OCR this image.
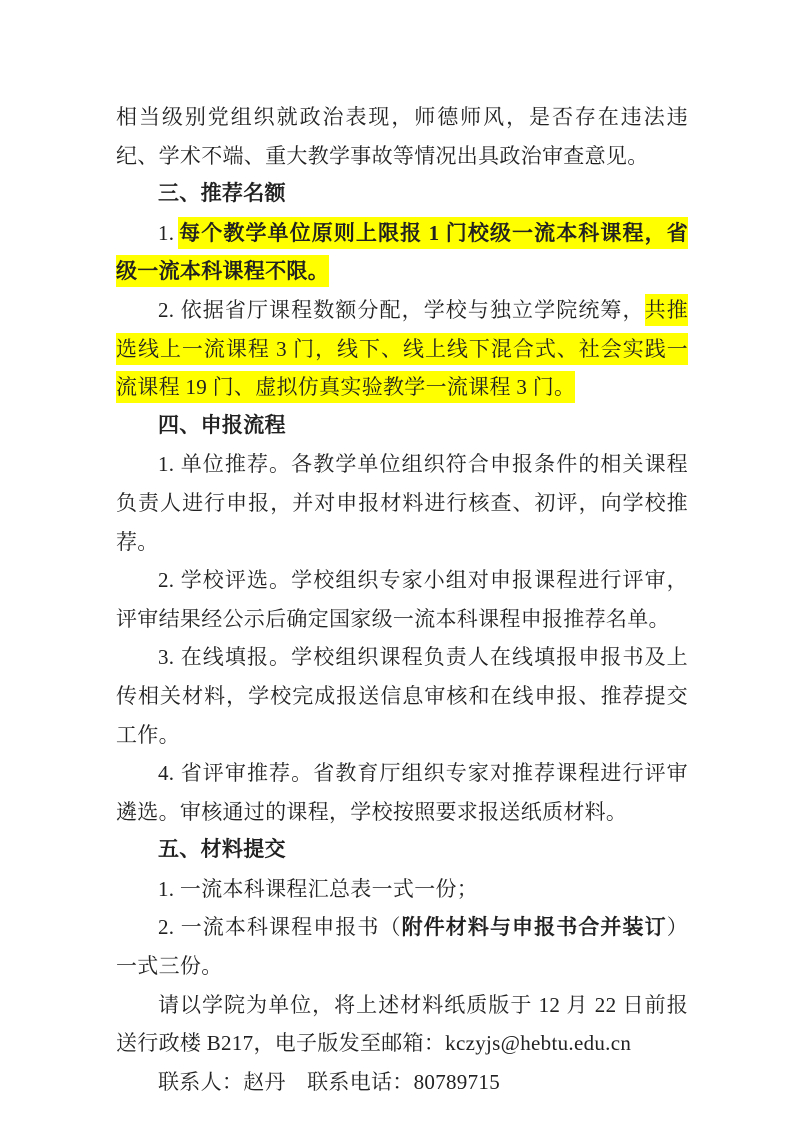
相当级别党组织就政治表现，师德师风，是否存在违法违纪、学术不端、重大教学事故等情况出具政治审查意见。

三、推荐名额

1. 每个教学单位原则上限报 1 门校级一流本科课程，省级一流本科课程不限。

2. 依据省厅课程数额分配，学校与独立学院统筹，共推选线上一流课程 3 门，线下、线上线下混合式、社会实践一流课程 19 门、虚拟仿真实验教学一流课程 3 门。

四、申报流程

1. 单位推荐。各教学单位组织符合申报条件的相关课程负责人进行申报，并对申报材料进行核查、初评，向学校推荐。

2. 学校评选。学校组织专家小组对申报课程进行评审，评审结果经公示后确定国家级一流本科课程申报推荐名单。

3. 在线填报。学校组织课程负责人在线填报申报书及上传相关材料，学校完成报送信息审核和在线申报、推荐提交工作。

4. 省评审推荐。省教育厅组织专家对推荐课程进行评审遴选。审核通过的课程，学校按照要求报送纸质材料。

五、材料提交

1. 一流本科课程汇总表一式一份；

2. 一流本科课程申报书（附件材料与申报书合并装订）一式三份。

请以学院为单位，将上述材料纸质版于 12 月 22 日前报送行政楼 B217，电子版发至邮箱：kczyjs@hebtu.edu.cn

联系人：赵丹　联系电话：80789715
